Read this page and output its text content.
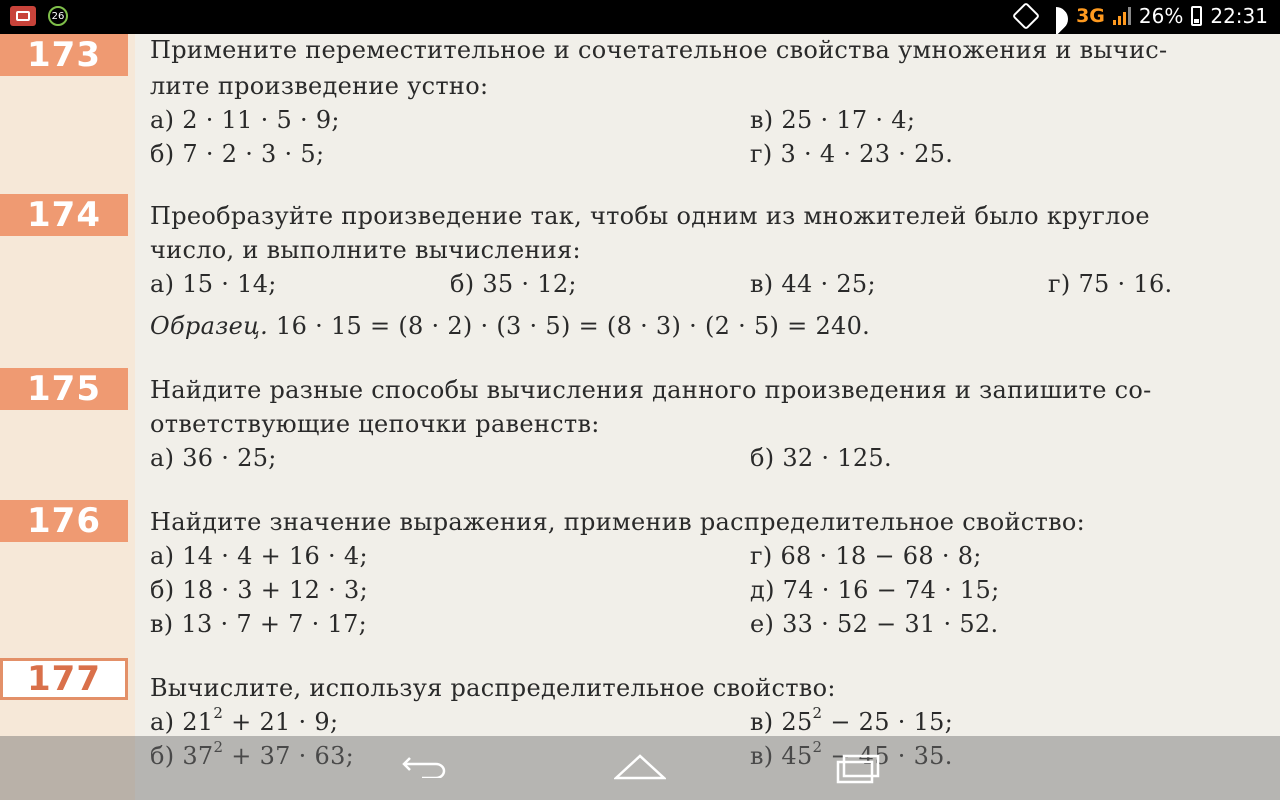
26	3G 26% 22:31
173	Примените переместительное и сочетательное свойства умножения и вычис-
лите произведение устно:
а) 2 · 11 · 5 · 9;	в) 25 · 17 · 4;
б) 7 · 2 · 3 · 5;	г) 3 · 4 · 23 · 25.
174	Преобразуйте произведение так, чтобы одним из множителей было круглое
число, и выполните вычисления:
а) 15 · 14;	б) 35 · 12;	в) 44 · 25;	г) 75 · 16.
Образец. 16 · 15 = (8 · 2) · (3 · 5) = (8 · 3) · (2 · 5) = 240.
175	Найдите разные способы вычисления данного произведения и запишите со-
ответствующие цепочки равенств:
а) 36 · 25;	б) 32 · 125.
176	Найдите значение выражения, применив распределительное свойство:
а) 14 · 4 + 16 · 4;	г) 68 · 18 − 68 · 8;
б) 18 · 3 + 12 · 3;	д) 74 · 16 − 74 · 15;
в) 13 · 7 + 7 · 17;	е) 33 · 52 − 31 · 52.
177	Вычислите, используя распределительное свойство:
а) $21^2 + 21 \cdot 9$;	в) $25^2 - 25 \cdot 15$;
б) $37^2 + 37 \cdot 63$;	в) $45^2 - 45 \cdot 35$.
